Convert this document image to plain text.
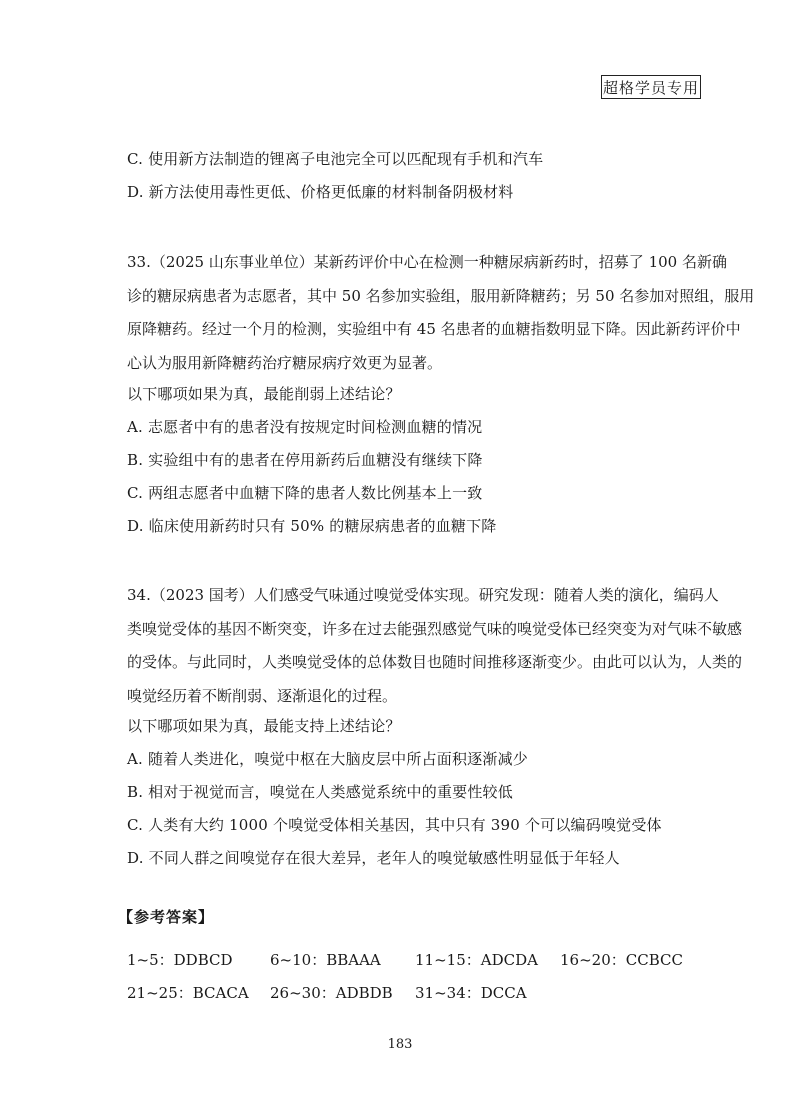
超格学员专用
C. 使用新方法制造的锂离子电池完全可以匹配现有手机和汽车
D. 新方法使用毒性更低、价格更低廉的材料制备阴极材料
33.（2025 山东事业单位）某新药评价中心在检测一种糖尿病新药时，招募了 100 名新确
诊的糖尿病患者为志愿者，其中 50 名参加实验组，服用新降糖药；另 50 名参加对照组，服用
原降糖药。经过一个月的检测，实验组中有 45 名患者的血糖指数明显下降。因此新药评价中
心认为服用新降糖药治疗糖尿病疗效更为显著。
以下哪项如果为真，最能削弱上述结论？
A. 志愿者中有的患者没有按规定时间检测血糖的情况
B. 实验组中有的患者在停用新药后血糖没有继续下降
C. 两组志愿者中血糖下降的患者人数比例基本上一致
D. 临床使用新药时只有 50% 的糖尿病患者的血糖下降
34.（2023 国考）人们感受气味通过嗅觉受体实现。研究发现：随着人类的演化，编码人
类嗅觉受体的基因不断突变，许多在过去能强烈感觉气味的嗅觉受体已经突变为对气味不敏感
的受体。与此同时，人类嗅觉受体的总体数目也随时间推移逐渐变少。由此可以认为，人类的
嗅觉经历着不断削弱、逐渐退化的过程。
以下哪项如果为真，最能支持上述结论？
A. 随着人类进化，嗅觉中枢在大脑皮层中所占面积逐渐减少
B. 相对于视觉而言，嗅觉在人类感觉系统中的重要性较低
C. 人类有大约 1000 个嗅觉受体相关基因，其中只有 390 个可以编码嗅觉受体
D. 不同人群之间嗅觉存在很大差异，老年人的嗅觉敏感性明显低于年轻人
【参考答案】
1~5：DDBCD 6~10：BBAAA 11~15：ADCDA 16~20：CCBCC
21~25：BCACA 26~30：ADBDB 31~34：DCCA
183
